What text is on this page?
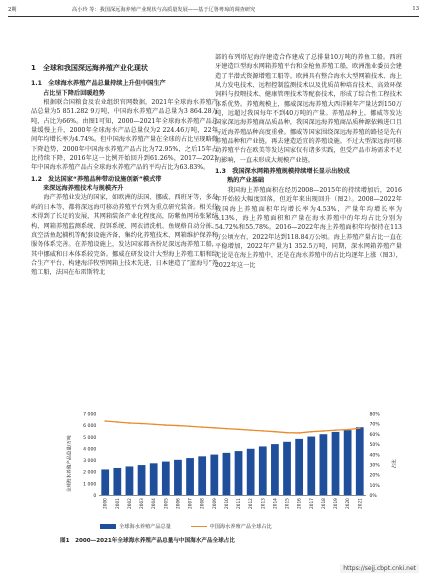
2期	高小玲 等：我国深远海养殖产业现状与高质量发展——基于辽鲁粤琼的调查研究	13
1　全球和我国深远海养殖产业化现状
1.1　全球海水养殖产品总量持续上升但中国生产
占比呈下降后回暖趋势

根据联合国粮食及农业组织官网数据，2021年全球海水养殖产品总量为5 851.282 9万吨，中国海水养殖产品总量为3 864.28万吨，占比为66%。由图1可知，2000—2021年全球海水养殖产品总量缓慢上升，2000年全球海水产品总量仅为2 224.46万吨，22年间年均增长率为4.74%。但中国海水养殖产量在全球的占比呈现略微下降趋势，2000年中国海水养殖产品占比为72.95%，之后15年占比持续下降，2016年这一比例开始回升到61.26%，2017—2021年中国海水养殖产品占全球海水养殖产品的平均占比为63.83%。

1.2　发达国家“养殖品种带动设施创新”模式带
来深远海养殖技术与规模齐升

海产养殖业发达的国家，如欧洲的法国、挪威、西班牙等，多岛屿的日本等，都将深远海可移动养殖平台列为重点研究装备。相关技术得到了长足的发展，其网箱装备产业化程度高，防紫鱼网吊张紧结构、网箱养殖监测系统、投饵系统、网衣清洗机、鱼规格自动分拣、真空活鱼起捕机等配套设施齐备，集约化养殖技术、网箱维护保养和服务体系完善。在养殖设施上，发达国家都吝扮足深远海养殖工船，其中挪威和日本体系较完备。挪威在研发设计大型海上养殖工船和综合生产平台、构建海洋牧型网箱上技术先进，日本建造了“蓝海号”养殖工船，法国在布雷斯特北

部的布列塔尼海岸建造合作建成了总排量10万吨的养鱼工船。西班牙建造巨型海水网箱养殖平台和金枪鱼养殖工船，欧洲渔业委员会建造了半潜式资源增殖工船等。欧洲具有整合海水大型网箱技术、海上风力发电技术、远程控制监测技术以及优质苗种培育技术、高效环保饲料与投喂技术、健康管理技术等配套技术，形成了综合性工程技术体系优势。养殖规模上，挪威深远海养殖大西洋鲑年产量达到150万吨，远超过我国每年不到40万吨的产量。养殖品种上，挪威等发达国家深远海养殖商品质品种，我国深远海养殖商品质种源依赖进口且与近海养殖品种高度重叠。挪威等国家围绕深远海养殖的路径是先有养殖品种和产业链，再去建造适宜的养殖设施。不过大型深远海可移动养殖平台在欧美等发达国家仅有诸多实践，但受产品市场需求不足的影响，一直未形成大规模产业链。

1.3　我国深水网箱养殖规模持续增长显示出较成
熟的产业基础

我国海上养殖面积在经历2008—2015年的持续增加后，2016年开始较大幅度回落，但近年来出现回升（图2）。2008—2022年我国海上养殖面积年均增长率为4.53%，产量年均增长率为5.13%，海上养殖面积和产量在海水养殖中的年均占比分别为54.72%和55.78%。2016—2022年海上养殖面积年均保持在113万公顷左右，2022年达到118.84万公顷。海上养殖产量占比一直在平稳增加，2022年产量为1 352.5万吨，同期，深水网箱养殖产量无论是在海上养殖中，还是在海水养殖中的占比均逐年上涨（图3），2022年这一比

全球海水养殖产品总量/万吨	占比
0
1 000
2 000
3 000
4 000
5 000
6 000
7 000
0%
10%
20%
30%
40%
50%
60%
70%
80%
2000 2001 2002 2003 2004 2005 2006 2007 2008 2009 2010 2011 2012 2013 2014 2015 2016 2017 2018 2019 2020 2021
全球海水养殖产品总量	中国海水养殖产品全球占比
图1　2000—2021年全球海水养殖产品总量与中国海水产品全球占比
https://sejj.cbpt.cnki.net
